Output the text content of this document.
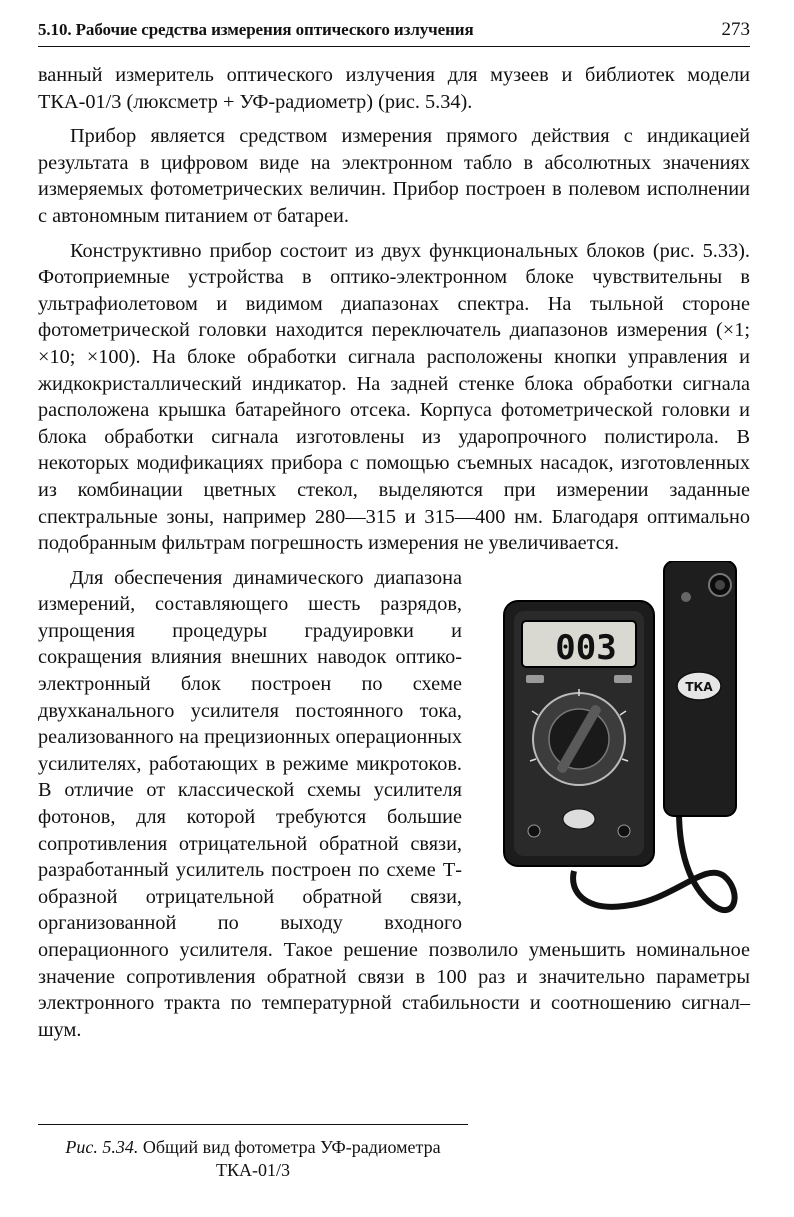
5.10. Рабочие средства измерения оптического излучения	273

ванный измеритель оптического излучения для музеев и библиотек модели ТКА-01/3 (люксметр + УФ-радиометр) (рис. 5.34).

Прибор является средством измерения прямого действия с индикацией результата в цифровом виде на электронном табло в абсолютных значениях измеряемых фотометрических величин. Прибор построен в полевом исполнении с автономным питанием от батареи.

Конструктивно прибор состоит из двух функциональных блоков (рис. 5.33). Фотоприемные устройства в оптико-электронном блоке чувствительны в ультрафиолетовом и видимом диапазонах спектра. На тыльной стороне фотометрической головки находится переключатель диапазонов измерения (×1; ×10; ×100). На блоке обработки сигнала расположены кнопки управления и жидкокристаллический индикатор. На задней стенке блока обработки сигнала расположена крышка батарейного отсека. Корпуса фотометрической головки и блока обработки сигнала изготовлены из ударопрочного полистирола. В некоторых модификациях прибора с помощью съемных насадок, изготовленных из комбинации цветных стекол, выделяются при измерении заданные спектральные зоны, например 280—315 и 315—400 нм. Благодаря оптимально подобранным фильтрам погрешность измерения не увеличивается.

003
ТКА

Для обеспечения динамического диапазона измерений, составляющего шесть разрядов, упрощения процедуры градуировки и сокращения влияния внешних наводок оптико-электронный блок построен по схеме двухканального усилителя постоянного тока, реализованного на прецизионных операционных усилителях, работающих в режиме микротоков. В отличие от классической схемы усилителя фотонов, для которой требуются большие сопротивления отрицательной обратной связи, разработанный усилитель построен по схеме Т-образной отрицательной обратной связи, организованной по выходу входного операционного усилителя. Такое решение позволило уменьшить номинальное значение сопротивления обратной связи в 100 раз и значительно параметры электронного тракта по температурной стабильности и соотношению сигнал–шум.

Рис. 5.34. Общий вид фотометра УФ-радиометра ТКА-01/3
